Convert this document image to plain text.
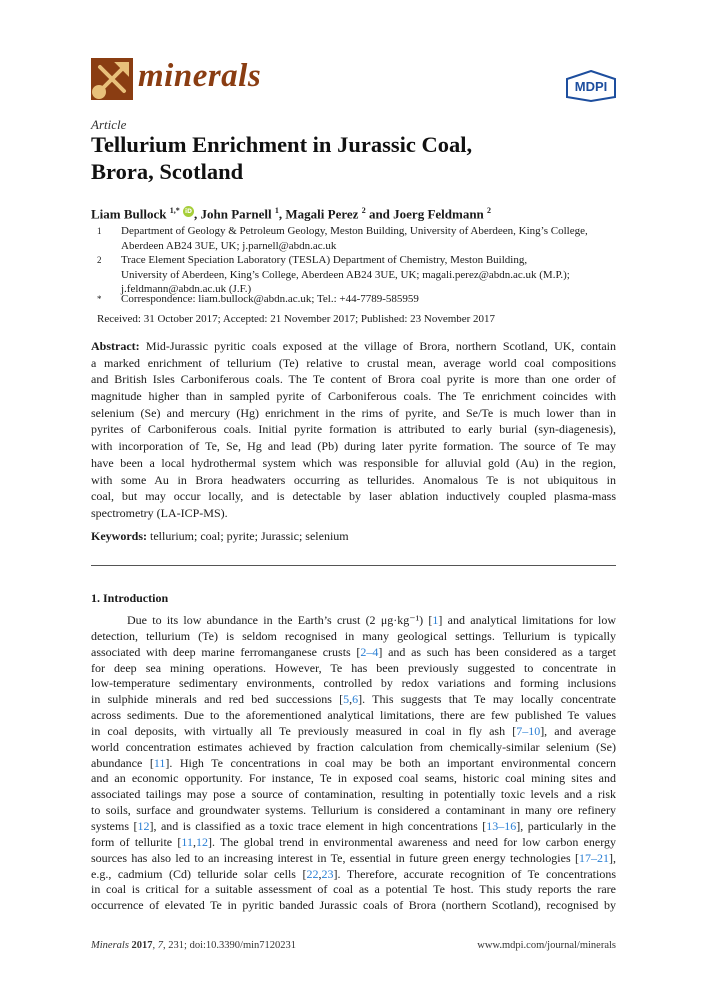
minerals	MDPI
Article
Tellurium Enrichment in Jurassic Coal,
Brora, Scotland
Liam Bullock $^{1,*}$ iD , John Parnell $^1$, Magali Perez $^2$ and Joerg Feldmann $^2$
1 Department of Geology & Petroleum Geology, Meston Building, University of Aberdeen, King’s College,
Aberdeen AB24 3UE, UK; j.parnell@abdn.ac.uk
2 Trace Element Speciation Laboratory (TESLA) Department of Chemistry, Meston Building,
University of Aberdeen, King’s College, Aberdeen AB24 3UE, UK; magali.perez@abdn.ac.uk (M.P.);
j.feldmann@abdn.ac.uk (J.F.)
* Correspondence: liam.bullock@abdn.ac.uk; Tel.: +44-7789-585959
Received: 31 October 2017; Accepted: 21 November 2017; Published: 23 November 2017
Abstract: Mid-Jurassic pyritic coals exposed at the village of Brora, northern Scotland, UK, contain
a marked enrichment of tellurium (Te) relative to crustal mean, average world coal compositions
and British Isles Carboniferous coals. The Te content of Brora coal pyrite is more than one order of
magnitude higher than in sampled pyrite of Carboniferous coals. The Te enrichment coincides with
selenium (Se) and mercury (Hg) enrichment in the rims of pyrite, and Se/Te is much lower than in
pyrites of Carboniferous coals. Initial pyrite formation is attributed to early burial (syn-diagenesis),
with incorporation of Te, Se, Hg and lead (Pb) during later pyrite formation. The source of Te may
have been a local hydrothermal system which was responsible for alluvial gold (Au) in the region,
with some Au in Brora headwaters occurring as tellurides. Anomalous Te is not ubiquitous in
coal, but may occur locally, and is detectable by laser ablation inductively coupled plasma-mass
spectrometry (LA-ICP-MS).
Keywords: tellurium; coal; pyrite; Jurassic; selenium
1. Introduction
Due to its low abundance in the Earth’s crust (2 μg·kg⁻¹) [1] and analytical limitations for low
detection, tellurium (Te) is seldom recognised in many geological settings. Tellurium is typically
associated with deep marine ferromanganese crusts [2–4] and as such has been considered as a target
for deep sea mining operations. However, Te has been previously suggested to concentrate in
low-temperature sedimentary environments, controlled by redox variations and forming inclusions
in sulphide minerals and red bed successions [5,6]. This suggests that Te may locally concentrate
across sediments. Due to the aforementioned analytical limitations, there are few published Te values
in coal deposits, with virtually all Te previously measured in coal in fly ash [7–10], and average
world concentration estimates achieved by fraction calculation from chemically-similar selenium (Se)
abundance [11]. High Te concentrations in coal may be both an important environmental concern
and an economic opportunity. For instance, Te in exposed coal seams, historic coal mining sites and
associated tailings may pose a source of contamination, resulting in potentially toxic levels and a risk
to soils, surface and groundwater systems. Tellurium is considered a contaminant in many ore refinery
systems [12], and is classified as a toxic trace element in high concentrations [13–16], particularly in the
form of tellurite [11,12]. The global trend in environmental awareness and need for low carbon energy
sources has also led to an increasing interest in Te, essential in future green energy technologies [17–21],
e.g., cadmium (Cd) telluride solar cells [22,23]. Therefore, accurate recognition of Te concentrations
in coal is critical for a suitable assessment of coal as a potential Te host. This study reports the rare
occurrence of elevated Te in pyritic banded Jurassic coals of Brora (northern Scotland), recognised by
Minerals 2017, 7, 231; doi:10.3390/min7120231	www.mdpi.com/journal/minerals
